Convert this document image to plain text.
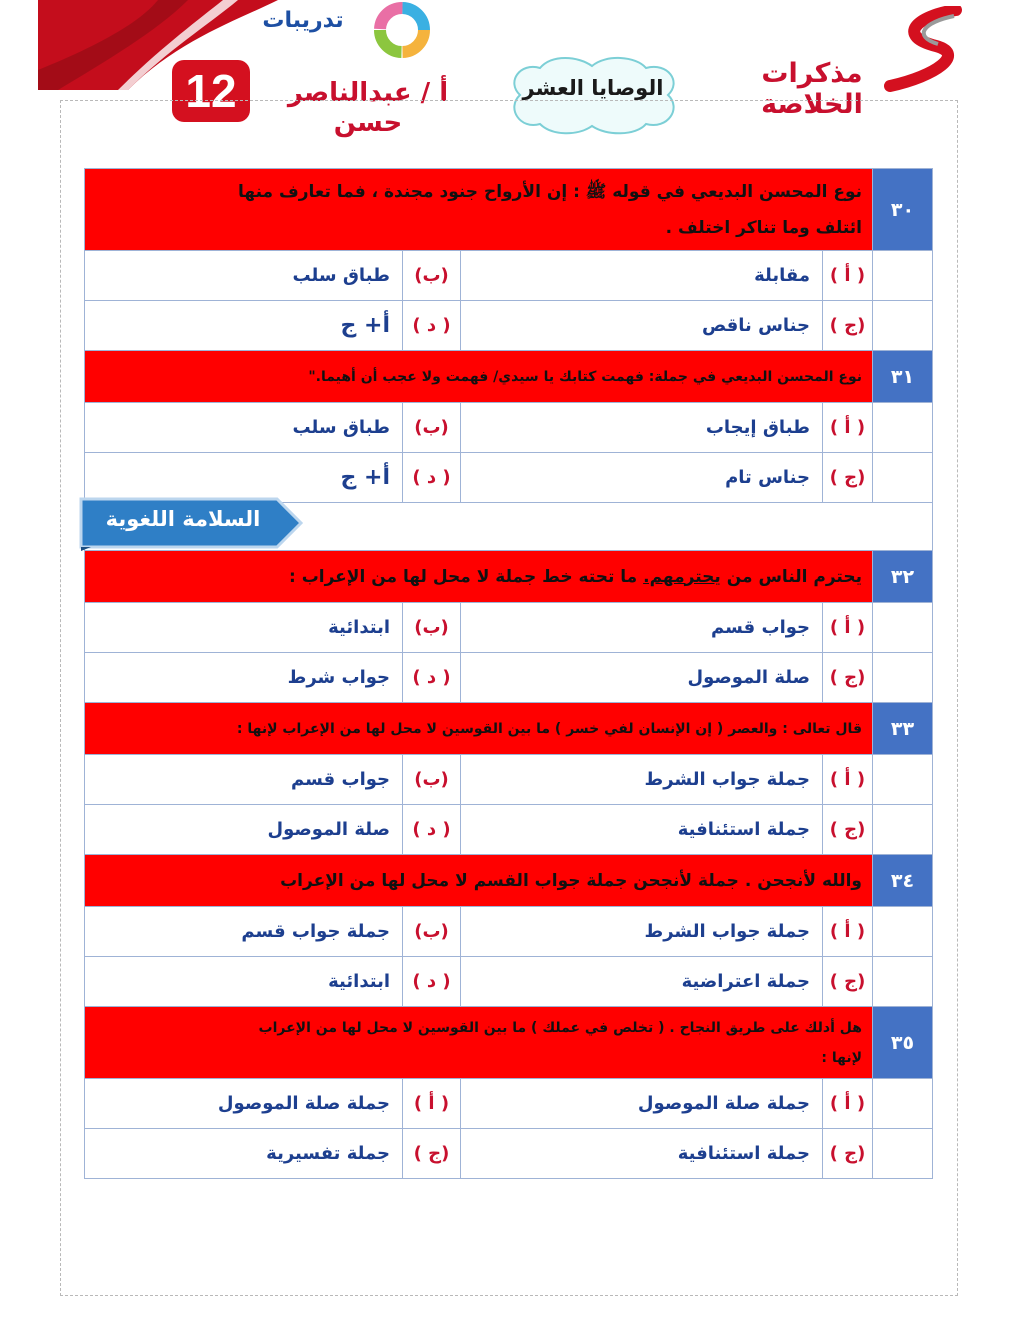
مذكرات الخلاصة
تدريبات
الوصايا العشر
أ / عبدالناصر حسن
12
٣٠	نوع المحسن البديعي في قوله ﷺ : إن الأرواح جنود مجندة ، فما تعارف منها
ائتلف وما تناكر اختلف .			

	( أ )	مقابلة	(ب)	طباق سلب
	(ج )	جناس ناقص	( د )	أ+ ج
٣١	نوع المحسن البديعي في جملة: فهمت كتابك يا سيدي/ فهمت ولا عجب أن أهيما."			
	( أ )	طباق إيجاب	(ب)	طباق سلب
	(ج )	جناس تام	( د )	أ+ ج

السلامة اللغوية				

٣٢	يحترم الناس من يحترمهم. ما تحته خط جملة لا محل لها من الإعراب :			
	( أ )	جواب قسم	(ب)	ابتدائية
	(ج )	صلة الموصول	( د )	جواب شرط
٣٣	قال تعالى : والعصر ( إن الإنسان لفي خسر ) ما بين القوسين لا محل لها من الإعراب لإنها :			
	( أ )	جملة جواب الشرط	(ب)	جواب قسم
	(ج )	جملة استئنافية	( د )	صلة الموصول
٣٤	والله لأنجحن . جملة لأنجحن جملة جواب القسم لا محل لها من الإعراب			
	( أ )	جملة جواب الشرط	(ب)	جملة جواب قسم
	(ج )	جملة اعتراضية	( د )	ابتدائية
٣٥	هل أدلك على طريق النجاح . ( تخلص في عملك ) ما بين القوسين لا محل لها من الإعراب
لإنها :			

	( أ )	جملة صلة الموصول	( أ )	جملة صلة الموصول
	(ج )	جملة استئنافية	(ج )	جملة تفسيرية
